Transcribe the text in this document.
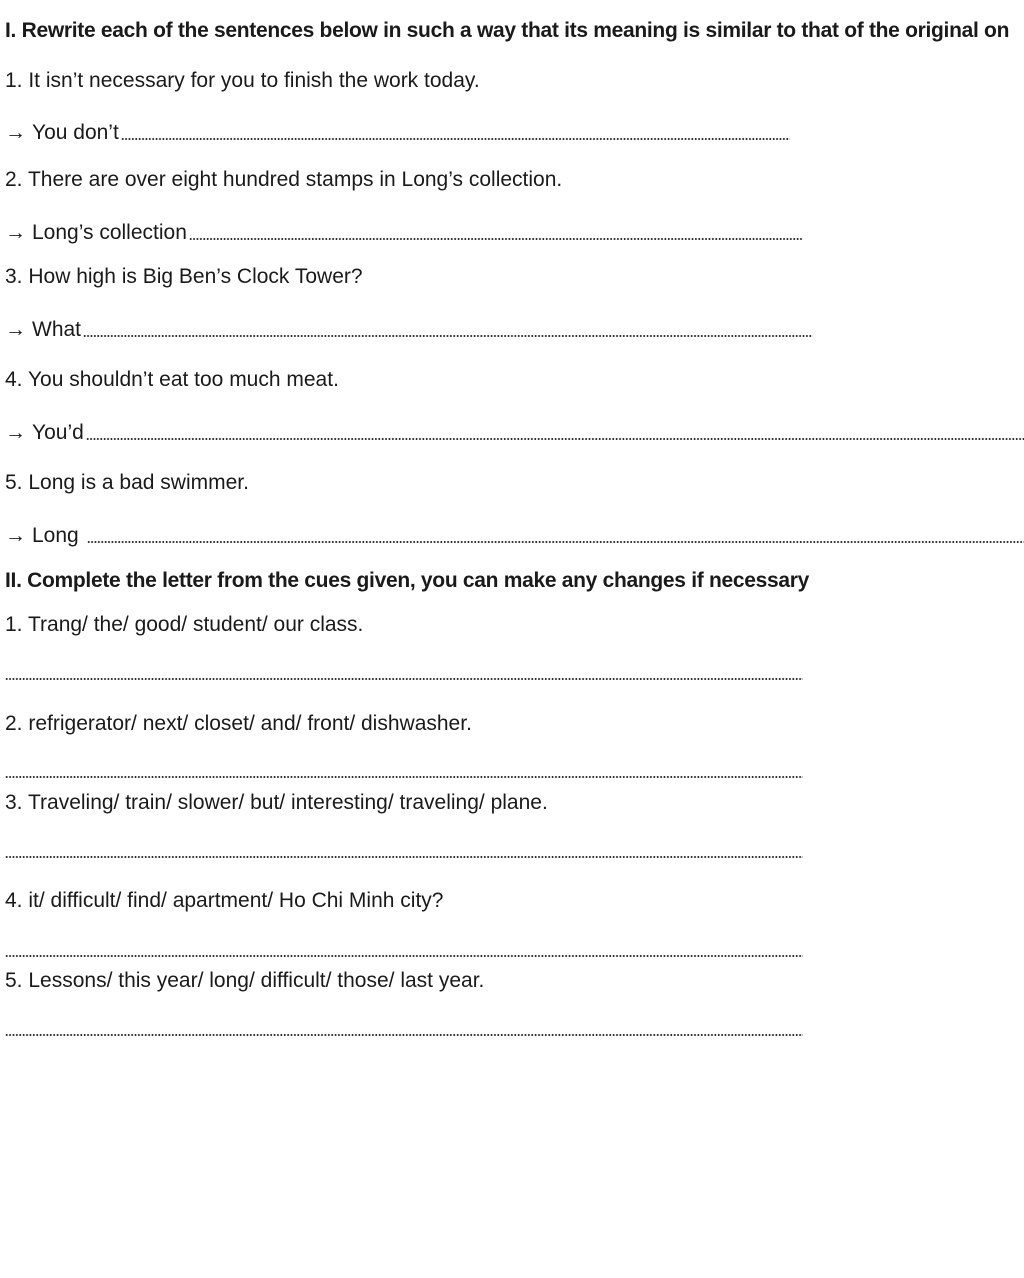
I. Rewrite each of the sentences below in such a way that its meaning is similar to that of the original on
1. It isn’t necessary for you to finish the work today.
→ You don’t
2. There are over eight hundred stamps in Long’s collection.
→ Long’s collection
3. How high is Big Ben’s Clock Tower?
→ What
4. You shouldn’t eat too much meat.
→ You’d
5. Long is a bad swimmer.
→ Long
II. Complete the letter from the cues given, you can make any changes if necessary
1. Trang/ the/ good/ student/ our class.
2. refrigerator/ next/ closet/ and/ front/ dishwasher.
3. Traveling/ train/ slower/ but/ interesting/ traveling/ plane.
4. it/ difficult/ find/ apartment/ Ho Chi Minh city?
5. Lessons/ this year/ long/ difficult/ those/ last year.
